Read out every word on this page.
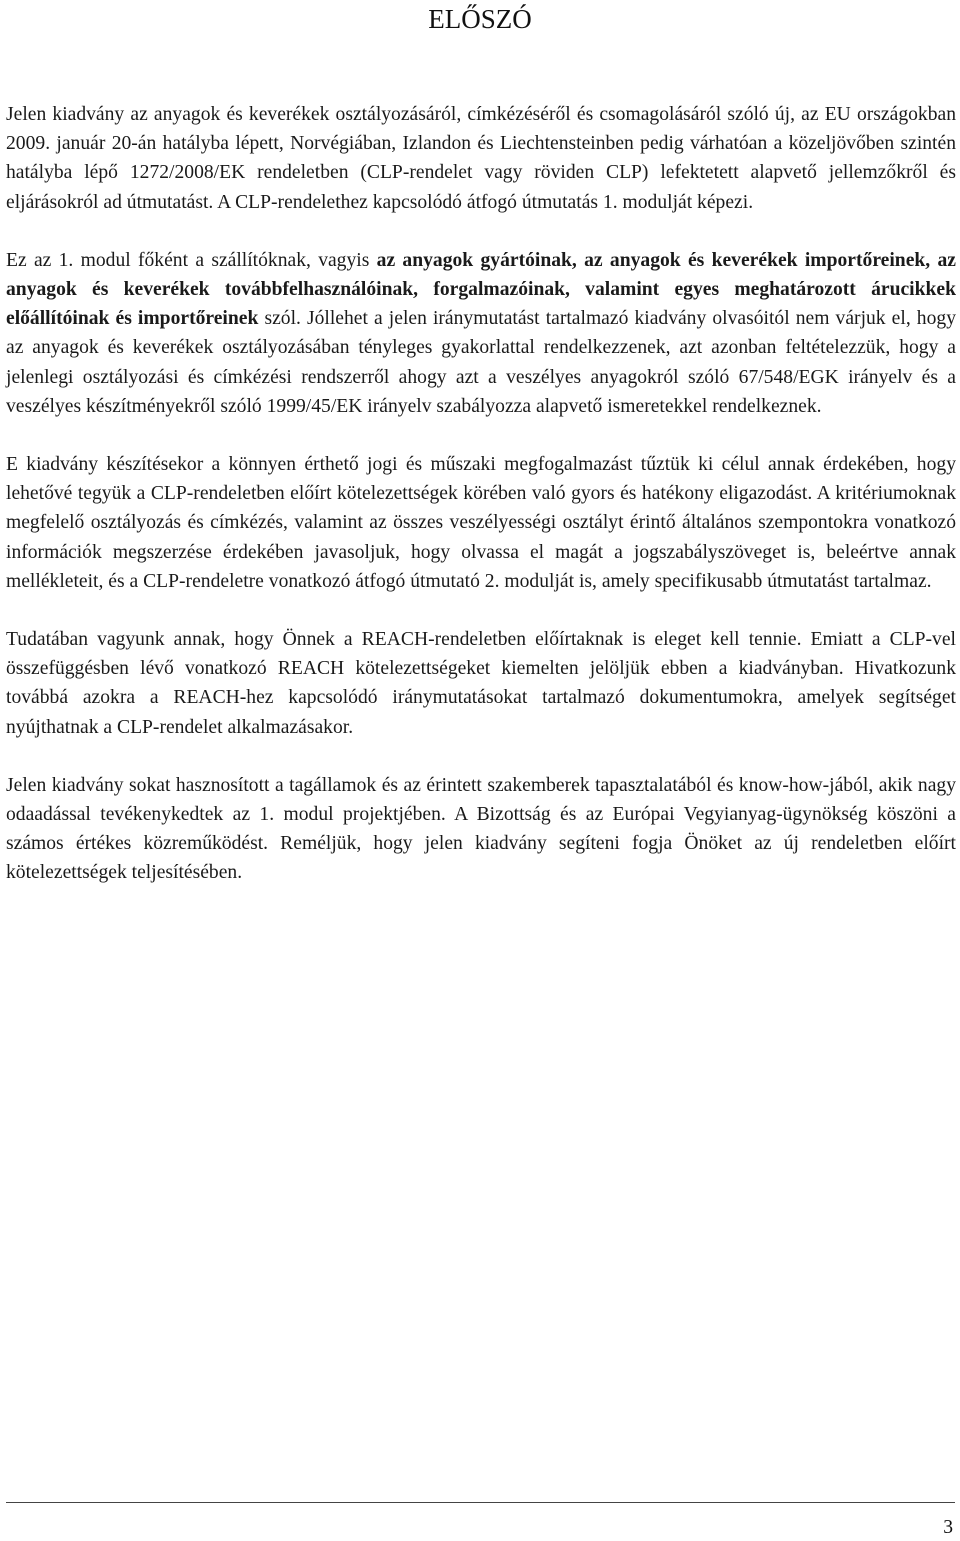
ELŐSZÓ

Jelen kiadvány az anyagok és keverékek osztályozásáról, címkézéséről és csomagolásáról szóló új, az EU országokban 2009. január 20-án hatályba lépett, Norvégiában, Izlandon és Liechtensteinben pedig várhatóan a közeljövőben szintén hatályba lépő 1272/2008/EK rendeletben (CLP-rendelet vagy röviden CLP) lefektetett alapvető jellemzőkről és eljárásokról ad útmutatást. A CLP-rendelethez kapcsolódó átfogó útmutatás 1. modulját képezi.

Ez az 1. modul főként a szállítóknak, vagyis az anyagok gyártóinak, az anyagok és keverékek importőreinek, az anyagok és keverékek továbbfelhasználóinak, forgalmazóinak, valamint egyes meghatározott árucikkek előállítóinak és importőreinek szól. Jóllehet a jelen iránymutatást tartalmazó kiadvány olvasóitól nem várjuk el, hogy az anyagok és keverékek osztályozásában tényleges gyakorlattal rendelkezzenek, azt azonban feltételezzük, hogy a jelenlegi osztályozási és címkézési rendszerről ahogy azt a veszélyes anyagokról szóló 67/548/EGK irányelv és a veszélyes készítményekről szóló 1999/45/EK irányelv szabályozza alapvető ismeretekkel rendelkeznek.

E kiadvány készítésekor a könnyen érthető jogi és műszaki megfogalmazást tűztük ki célul annak érdekében, hogy lehetővé tegyük a CLP-rendeletben előírt kötelezettségek körében való gyors és hatékony eligazodást. A kritériumoknak megfelelő osztályozás és címkézés, valamint az összes veszélyességi osztályt érintő általános szempontokra vonatkozó információk megszerzése érdekében javasoljuk, hogy olvassa el magát a jogszabályszöveget is, beleértve annak mellékleteit, és a CLP-rendeletre vonatkozó átfogó útmutató 2. modulját is, amely specifikusabb útmutatást tartalmaz.

Tudatában vagyunk annak, hogy Önnek a REACH-rendeletben előírtaknak is eleget kell tennie. Emiatt a CLP-vel összefüggésben lévő vonatkozó REACH kötelezettségeket kiemelten jelöljük ebben a kiadványban. Hivatkozunk továbbá azokra a REACH-hez kapcsolódó iránymutatásokat tartalmazó dokumentumokra, amelyek segítséget nyújthatnak a CLP-rendelet alkalmazásakor.

Jelen kiadvány sokat hasznosított a tagállamok és az érintett szakemberek tapasztalatából és know-how-jából, akik nagy odaadással tevékenykedtek az 1. modul projektjében. A Bizottság és az Európai Vegyianyag-ügynökség köszöni a számos értékes közreműködést. Reméljük, hogy jelen kiadvány segíteni fogja Önöket az új rendeletben előírt kötelezettségek teljesítésében.

3
